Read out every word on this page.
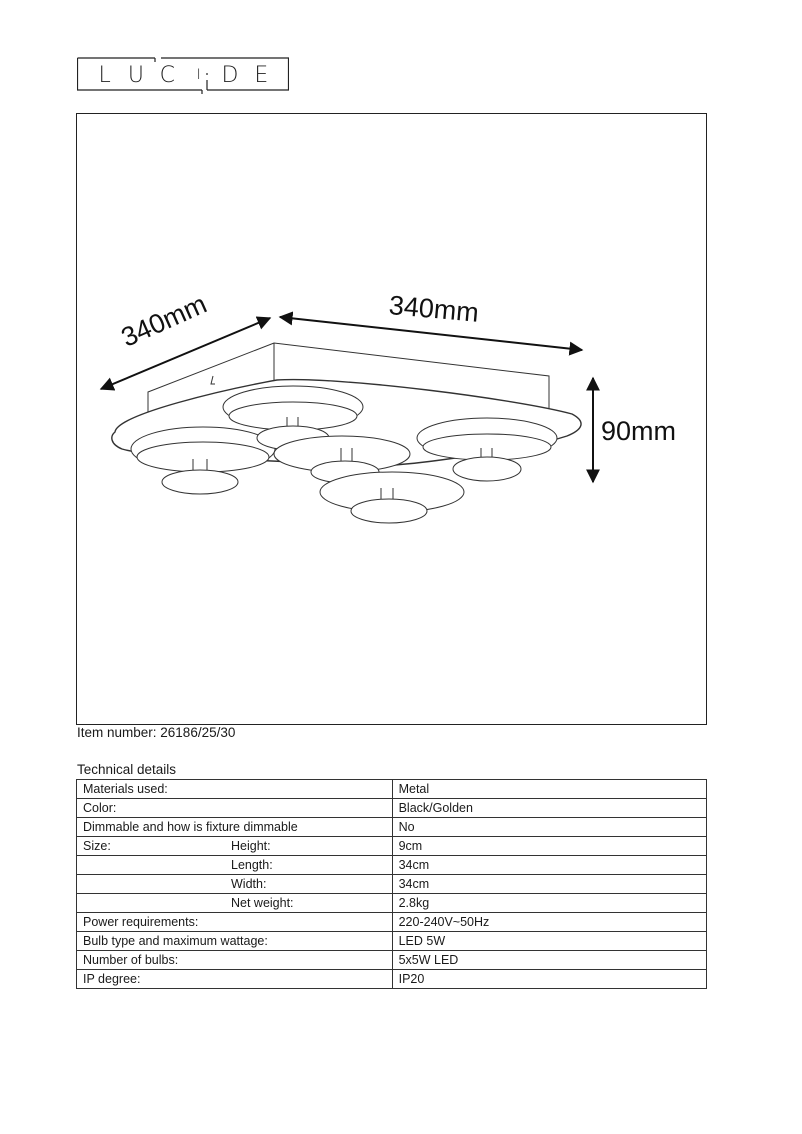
L U C	I D E
340mm
340mm
90mm
Item number: 26186/25/30
Technical details
Materials used:	Metal
Color:	Black/Golden
Dimmable and how is fixture dimmable	No
Size: Height:	9cm
Length:	34cm
Width:	34cm
Net weight:	2.8kg
Power requirements:	220-240V~50Hz
Bulb type and maximum wattage:	LED 5W
Number of bulbs:	5x5W LED
IP degree:	IP20
